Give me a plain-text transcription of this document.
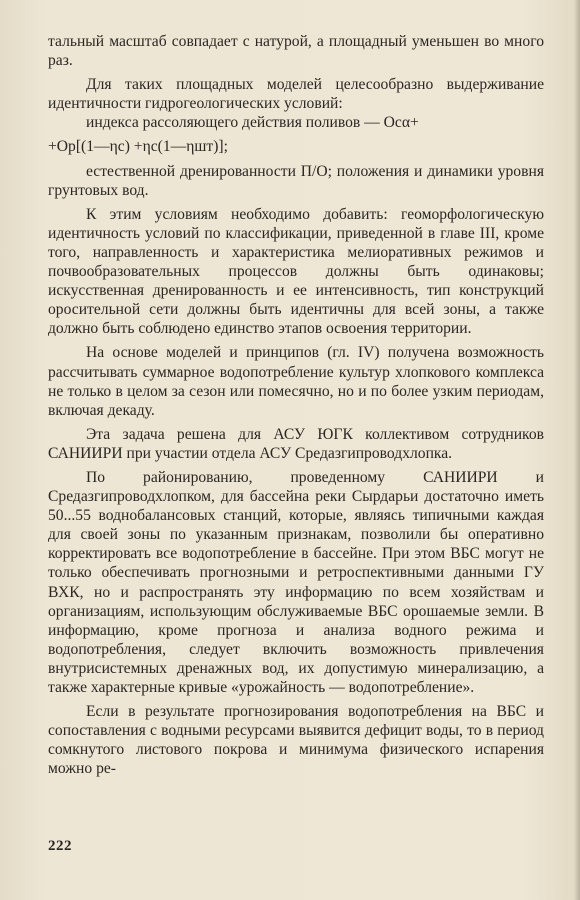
тальный масштаб совпадает с натурой, а площадный уменьшен во много раз.

Для таких площадных моделей целесообразно выдерживание идентичности гидрогеологических условий:

индекса рассоляющего действия поливов — Oсα+

+Oр[(1—ηс) +ηс(1—ηшт)];

естественной дренированности П/О; положения и динамики уровня грунтовых вод.

К этим условиям необходимо добавить: геоморфологическую идентичность условий по классификации, приведенной в главе III, кроме того, направленность и характеристика мелиоративных режимов и почвообразовательных процессов должны быть одинаковы; искусственная дренированность и ее интенсивность, тип конструкций оросительной сети должны быть идентичны для всей зоны, а также должно быть соблюдено единство этапов освоения территории.

На основе моделей и принципов (гл. IV) получена возможность рассчитывать суммарное водопотребление культур хлопкового комплекса не только в целом за сезон или помесячно, но и по более узким периодам, включая декаду.

Эта задача решена для АСУ ЮГК коллективом сотрудников САНИИРИ при участии отдела АСУ Средазгипроводхлопка.

По районированию, проведенному САНИИРИ и Средазгипроводхлопком, для бассейна реки Сырдарьи достаточно иметь 50...55 воднобалансовых станций, которые, являясь типичными каждая для своей зоны по указанным признакам, позволили бы оперативно корректировать все водопотребление в бассейне. При этом ВБС могут не только обеспечивать прогнозными и ретроспективными данными ГУ ВХК, но и распространять эту информацию по всем хозяйствам и организациям, использующим обслуживаемые ВБС орошаемые земли. В информацию, кроме прогноза и анализа водного режима и водопотребления, следует включить возможность привлечения внутрисистемных дренажных вод, их допустимую минерализацию, а также характерные кривые «урожайность — водопотребление».

Если в результате прогнозирования водопотребления на ВБС и сопоставления с водными ресурсами выявится дефицит воды, то в период сомкнутого листового покрова и минимума физического испарения можно ре-

222
